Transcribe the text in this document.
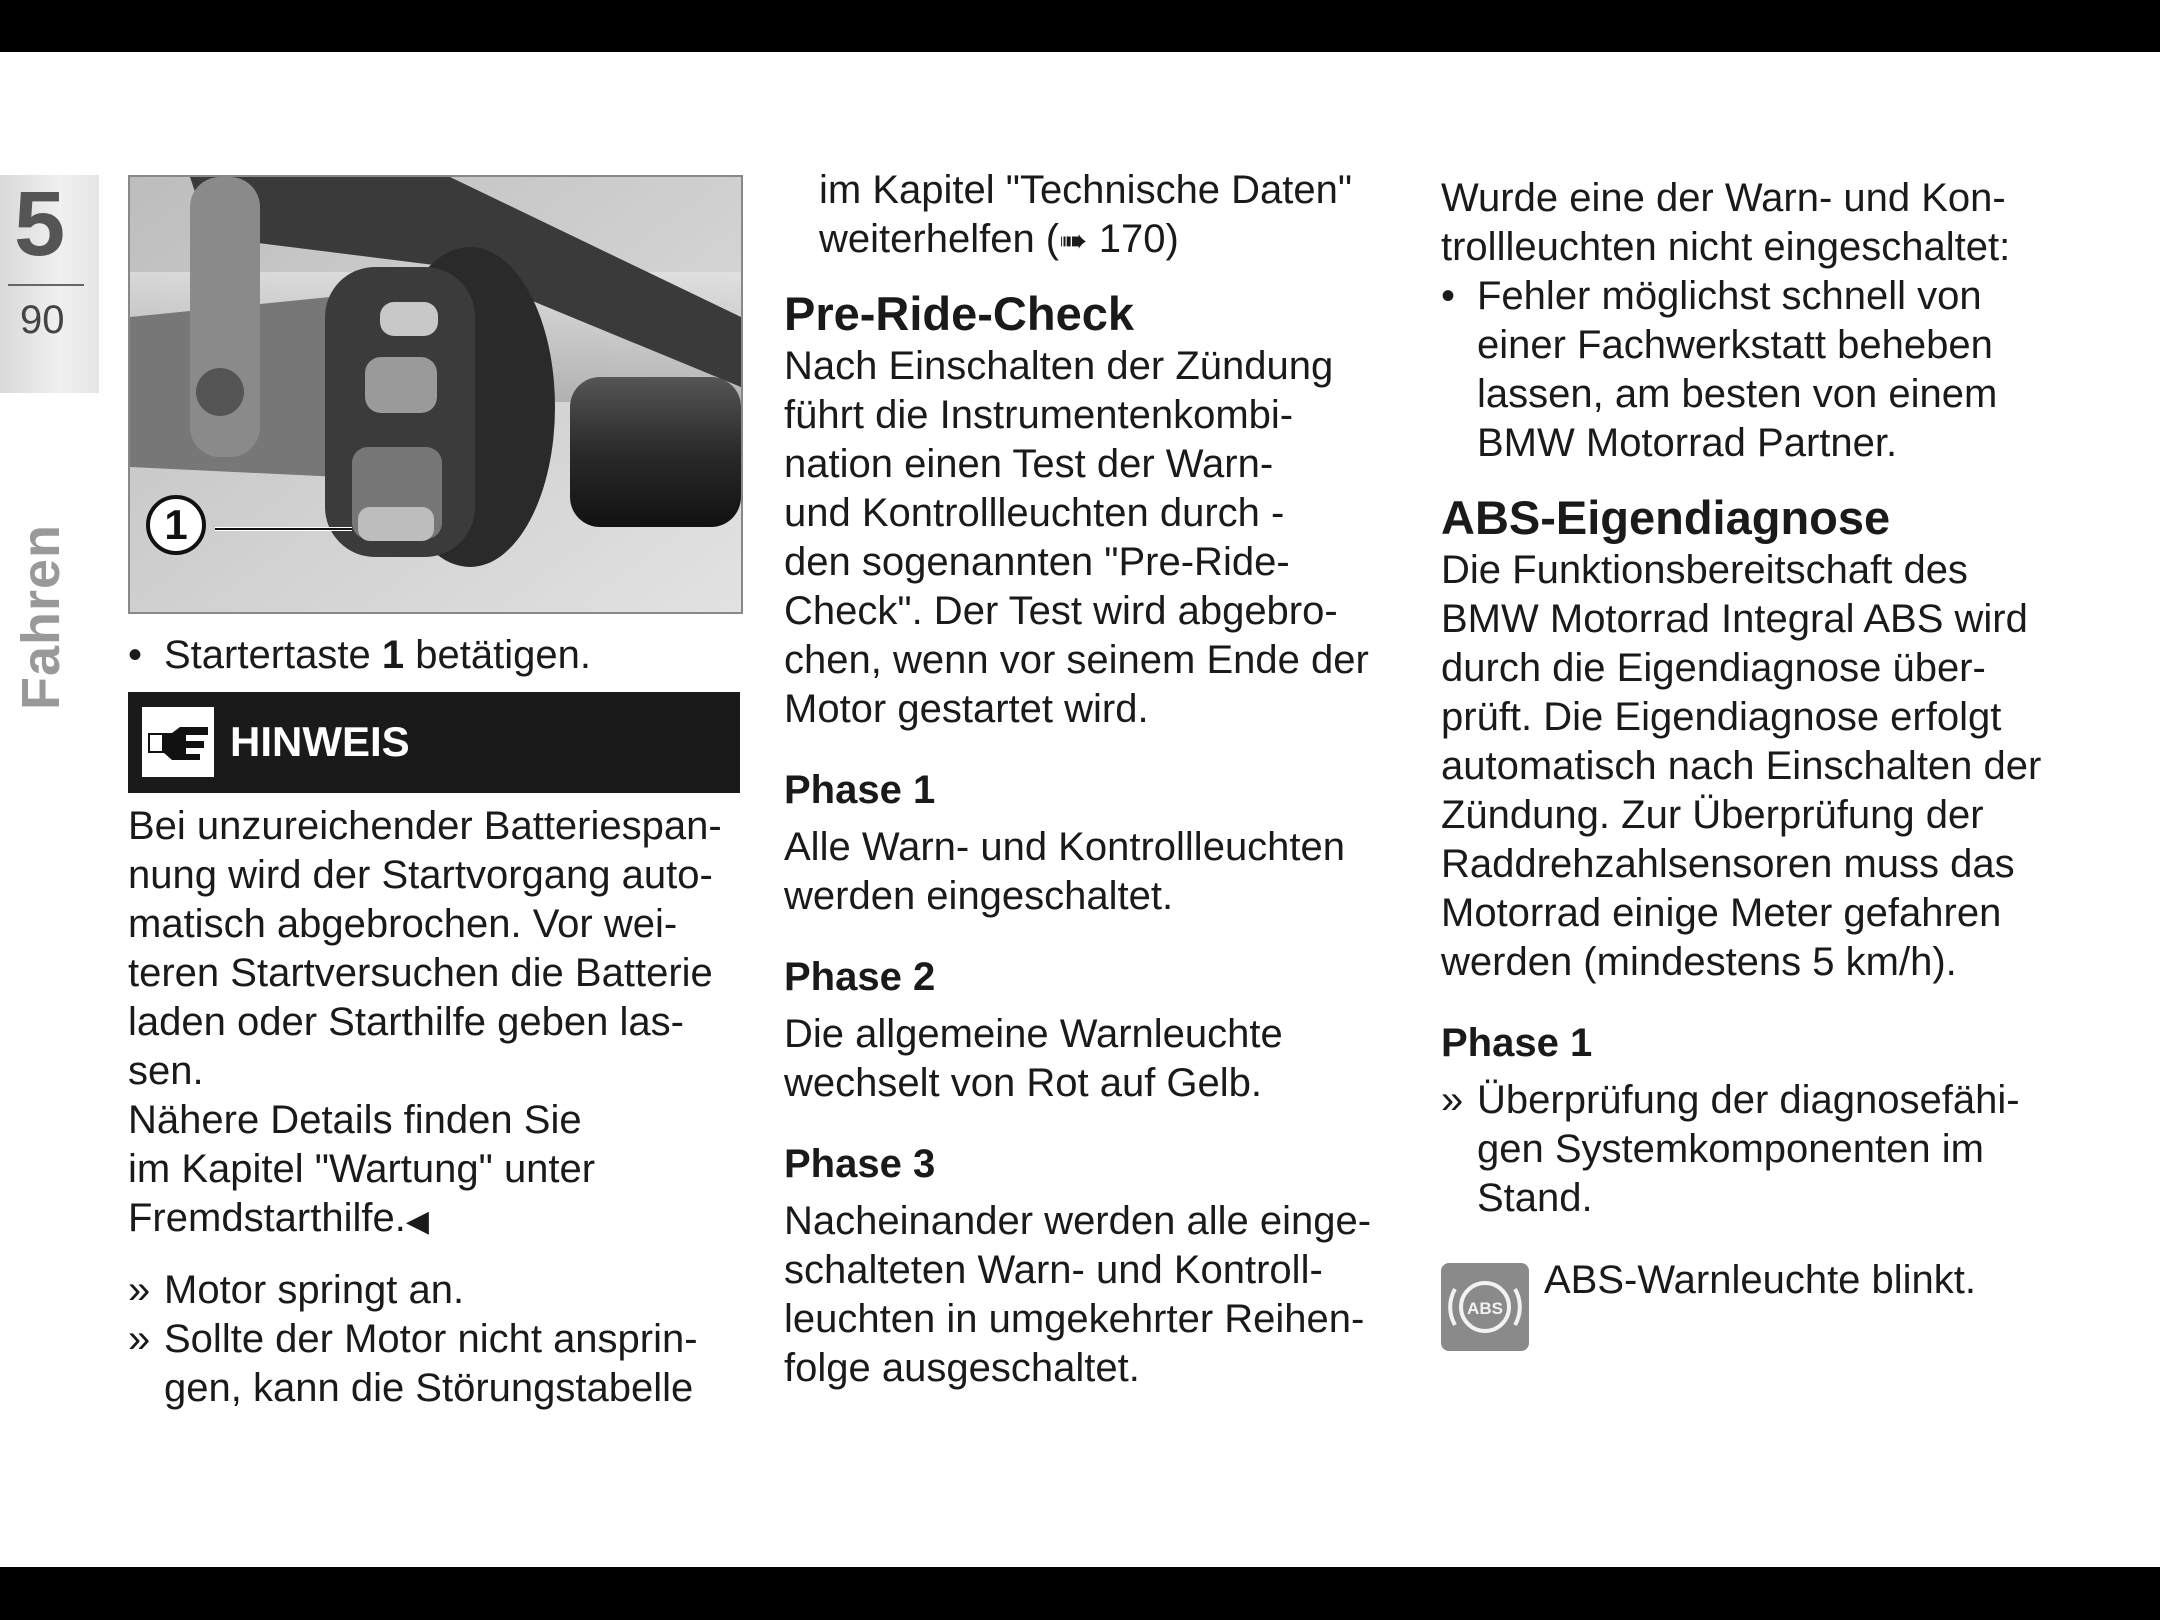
5
90
Fahren	1

• Startertaste 1 betätigen.

HINWEIS

Bei unzureichender Batteriespan-

nung wird der Startvorgang auto-

matisch abgebrochen. Vor wei-

teren Startversuchen die Batterie

laden oder Starthilfe geben las-

sen.

Nähere Details finden Sie

im Kapitel "Wartung" unter

Fremdstarthilfe.◀

» Motor springt an.

» Sollte der Motor nicht ansprin-
gen, kann die Störungstabelle

im Kapitel "Technische Daten"

weiterhelfen (➠ 170)

Pre-Ride-Check

Nach Einschalten der Zündung

führt die Instrumentenkombi-

nation einen Test der Warn-

und Kontrollleuchten durch -

den sogenannten "Pre-Ride-

Check". Der Test wird abgebro-

chen, wenn vor seinem Ende der

Motor gestartet wird.

Phase 1

Alle Warn- und Kontrollleuchten

werden eingeschaltet.

Phase 2

Die allgemeine Warnleuchte

wechselt von Rot auf Gelb.

Phase 3

Nacheinander werden alle einge-

schalteten Warn- und Kontroll-

leuchten in umgekehrter Reihen-

folge ausgeschaltet.

Wurde eine der Warn- und Kon-

trollleuchten nicht eingeschaltet:

• Fehler möglichst schnell von
einer Fachwerkstatt beheben
lassen, am besten von einem
BMW Motorrad Partner.

ABS-Eigendiagnose

Die Funktionsbereitschaft des

BMW Motorrad Integral ABS wird

durch die Eigendiagnose über-

prüft. Die Eigendiagnose erfolgt

automatisch nach Einschalten der

Zündung. Zur Überprüfung der

Raddrehzahlsensoren muss das

Motorrad einige Meter gefahren

werden (mindestens 5 km/h).

Phase 1

» Überprüfung der diagnosefähi-
gen Systemkomponenten im
Stand.

ABS

ABS-Warnleuchte blinkt.
